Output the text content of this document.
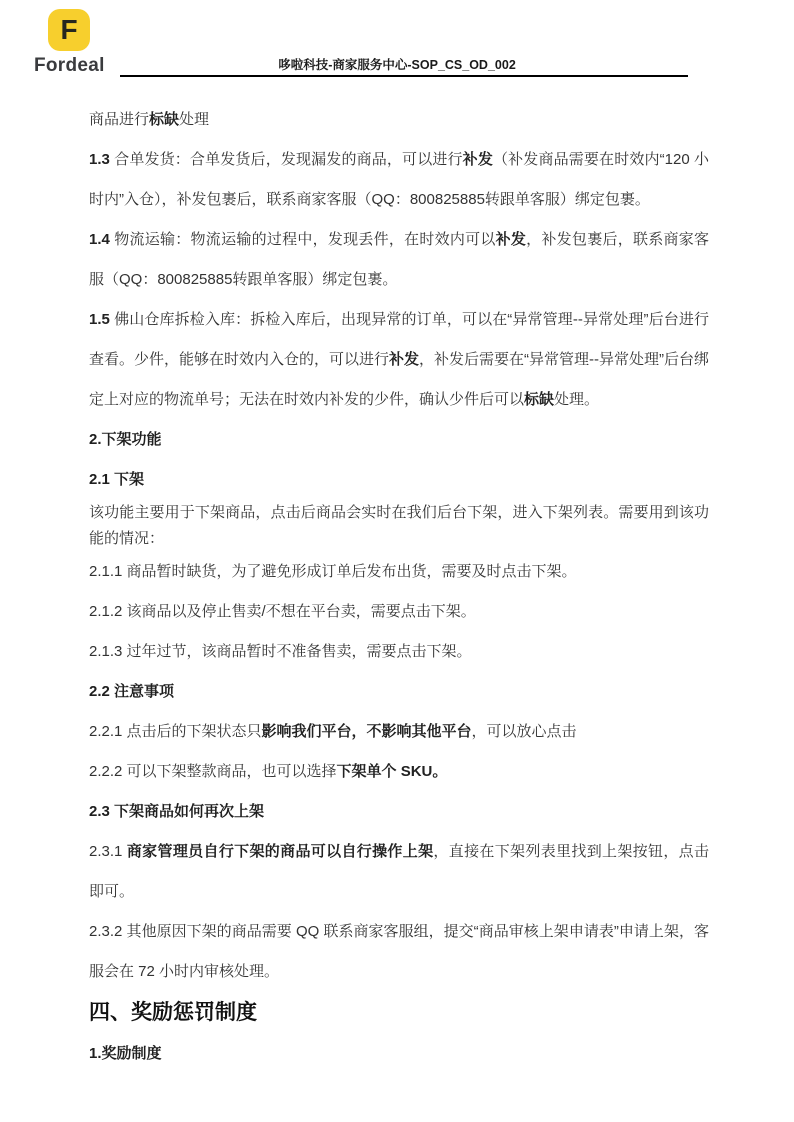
F
Fordeal	哆啦科技-商家服务中心-SOP_CS_OD_002
商品进行标缺处理
1.3 合单发货：合单发货后，发现漏发的商品，可以进行补发（补发商品需要在时效内“120 小时内”入仓），补发包裹后，联系商家客服（QQ：800825885转跟单客服）绑定包裹。
1.4 物流运输：物流运输的过程中，发现丢件，在时效内可以补发，补发包裹后，联系商家客服（QQ：800825885转跟单客服）绑定包裹。
1.5 佛山仓库拆检入库：拆检入库后，出现异常的订单，可以在“异常管理--异常处理”后台进行查看。少件，能够在时效内入仓的，可以进行补发，补发后需要在“异常管理--异常处理”后台绑定上对应的物流单号；无法在时效内补发的少件，确认少件后可以标缺处理。
2.下架功能
2.1 下架
该功能主要用于下架商品，点击后商品会实时在我们后台下架，进入下架列表。需要用到该功能的情况：
2.1.1 商品暂时缺货，为了避免形成订单后发布出货，需要及时点击下架。
2.1.2 该商品以及停止售卖/不想在平台卖，需要点击下架。
2.1.3 过年过节，该商品暂时不准备售卖，需要点击下架。
2.2 注意事项
2.2.1 点击后的下架状态只影响我们平台，不影响其他平台，可以放心点击
2.2.2 可以下架整款商品，也可以选择下架单个 SKU。
2.3 下架商品如何再次上架
2.3.1 商家管理员自行下架的商品可以自行操作上架，直接在下架列表里找到上架按钮，点击即可。
2.3.2 其他原因下架的商品需要 QQ 联系商家客服组，提交“商品审核上架申请表”申请上架，客服会在 72 小时内审核处理。
四、奖励惩罚制度
1.奖励制度
